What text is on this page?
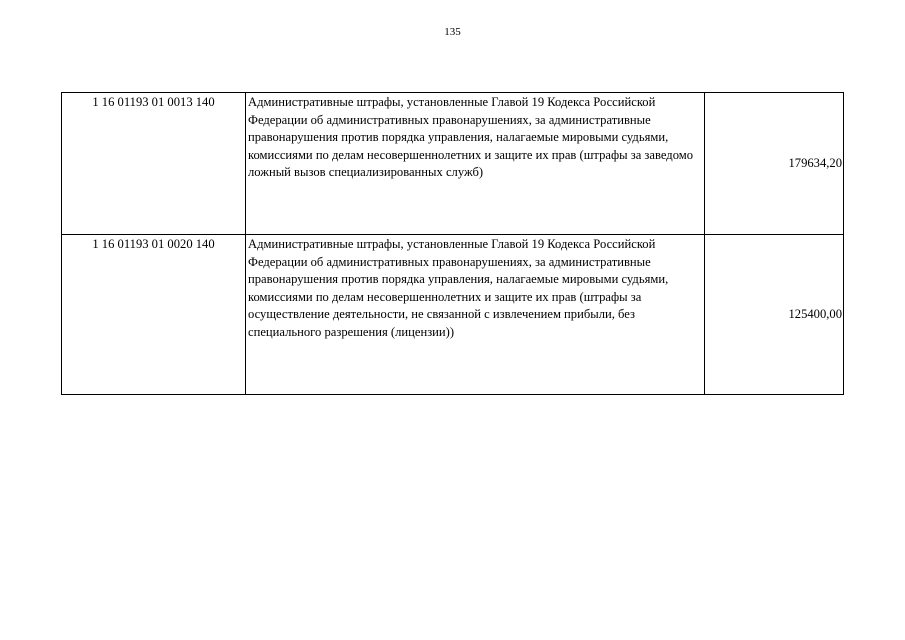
135
1 16 01193 01 0013 140	Административные штрафы, установленные Главой 19 Кодекса Российской Федерации об административных правонарушениях, за административные правонарушения против порядка управления, налагаемые мировыми судьями, комиссиями по делам несовершеннолетних и защите их прав (штрафы за заведомо ложный вызов специализированных служб)	179634,20
1 16 01193 01 0020 140	Административные штрафы, установленные Главой 19 Кодекса Российской Федерации об административных правонарушениях, за административные правонарушения против порядка управления, налагаемые мировыми судьями, комиссиями по делам несовершеннолетних и защите их прав (штрафы за осуществление деятельности, не связанной с извлечением прибыли, без специального разрешения (лицензии))	125400,00
